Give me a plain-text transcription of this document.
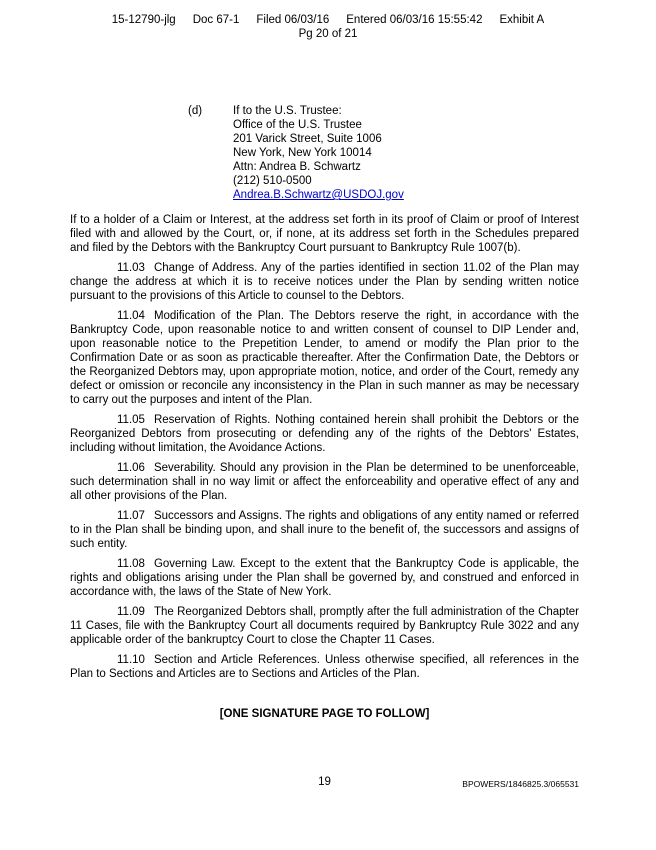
15-12790-jlg Doc 67-1 Filed 06/03/16 Entered 06/03/16 15:55:42 Exhibit A
Pg 20 of 21
(d)	If to the U.S. Trustee:
Office of the U.S. Trustee
201 Varick Street, Suite 1006
New York, New York 10014
Attn: Andrea B. Schwartz
(212) 510-0500
Andrea.B.Schwartz@USDOJ.gov

If to a holder of a Claim or Interest, at the address set forth in its proof of Claim or proof of Interest filed with and allowed by the Court, or, if none, at its address set forth in the Schedules prepared and filed by the Debtors with the Bankruptcy Court pursuant to Bankruptcy Rule 1007(b).

11.03 Change of Address. Any of the parties identified in section 11.02 of the Plan may change the address at which it is to receive notices under the Plan by sending written notice pursuant to the provisions of this Article to counsel to the Debtors.

11.04 Modification of the Plan. The Debtors reserve the right, in accordance with the Bankruptcy Code, upon reasonable notice to and written consent of counsel to DIP Lender and, upon reasonable notice to the Prepetition Lender, to amend or modify the Plan prior to the Confirmation Date or as soon as practicable thereafter. After the Confirmation Date, the Debtors or the Reorganized Debtors may, upon appropriate motion, notice, and order of the Court, remedy any defect or omission or reconcile any inconsistency in the Plan in such manner as may be necessary to carry out the purposes and intent of the Plan.

11.05 Reservation of Rights. Nothing contained herein shall prohibit the Debtors or the Reorganized Debtors from prosecuting or defending any of the rights of the Debtors' Estates, including without limitation, the Avoidance Actions.

11.06 Severability. Should any provision in the Plan be determined to be unenforceable, such determination shall in no way limit or affect the enforceability and operative effect of any and all other provisions of the Plan.

11.07 Successors and Assigns. The rights and obligations of any entity named or referred to in the Plan shall be binding upon, and shall inure to the benefit of, the successors and assigns of such entity.

11.08 Governing Law. Except to the extent that the Bankruptcy Code is applicable, the rights and obligations arising under the Plan shall be governed by, and construed and enforced in accordance with, the laws of the State of New York.

11.09 The Reorganized Debtors shall, promptly after the full administration of the Chapter 11 Cases, file with the Bankruptcy Court all documents required by Bankruptcy Rule 3022 and any applicable order of the bankruptcy Court to close the Chapter 11 Cases.

11.10 Section and Article References. Unless otherwise specified, all references in the Plan to Sections and Articles are to Sections and Articles of the Plan.

[ONE SIGNATURE PAGE TO FOLLOW]
19	BPOWERS/1846825.3/065531
